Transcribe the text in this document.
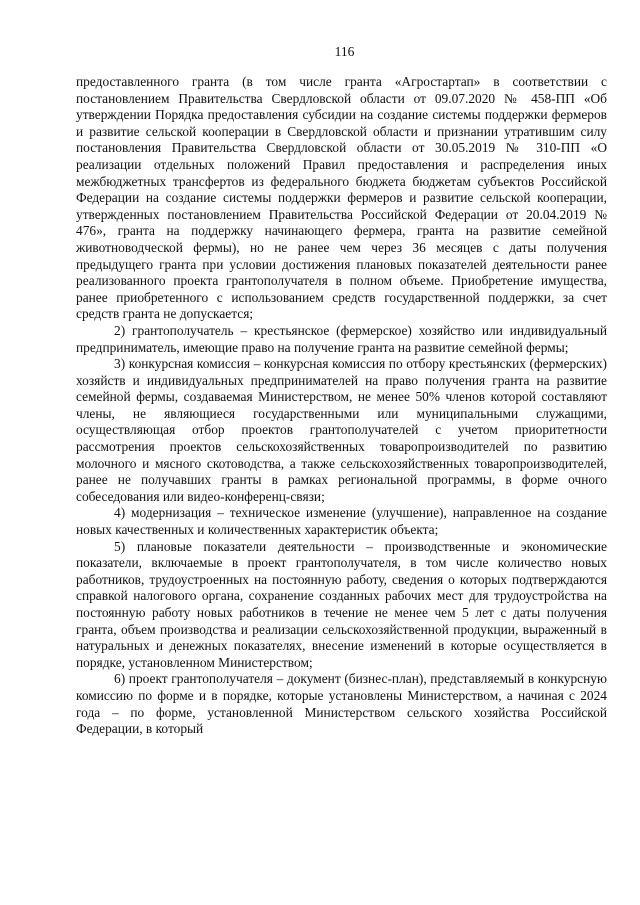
116

предоставленного гранта (в том числе гранта «Агростартап» в соответствии с постановлением Правительства Свердловской области от 09.07.2020 № 458-ПП «Об утверждении Порядка предоставления субсидии на создание системы поддержки фермеров и развитие сельской кооперации в Свердловской области и признании утратившим силу постановления Правительства Свердловской области от 30.05.2019 № 310-ПП «О реализации отдельных положений Правил предоставления и распределения иных межбюджетных трансфертов из федерального бюджета бюджетам субъектов Российской Федерации на создание системы поддержки фермеров и развитие сельской кооперации, утвержденных постановлением Правительства Российской Федерации от 20.04.2019 № 476», гранта на поддержку начинающего фермера, гранта на развитие семейной животноводческой фермы), но не ранее чем через 36 месяцев с даты получения предыдущего гранта при условии достижения плановых показателей деятельности ранее реализованного проекта грантополучателя в полном объеме. Приобретение имущества, ранее приобретенного с использованием средств государственной поддержки, за счет средств гранта не допускается;

2) грантополучатель – крестьянское (фермерское) хозяйство или индивидуальный предприниматель, имеющие право на получение гранта на развитие семейной фермы;

3) конкурсная комиссия – конкурсная комиссия по отбору крестьянских (фермерских) хозяйств и индивидуальных предпринимателей на право получения гранта на развитие семейной фермы, создаваемая Министерством, не менее 50% членов которой составляют члены, не являющиеся государственными или муниципальными служащими, осуществляющая отбор проектов грантополучателей с учетом приоритетности рассмотрения проектов сельскохозяйственных товаропроизводителей по развитию молочного и мясного скотоводства, а также сельскохозяйственных товаропроизводителей, ранее не получавших гранты в рамках региональной программы, в форме очного собеседования или видео-конференц-связи;

4) модернизация – техническое изменение (улучшение), направленное на создание новых качественных и количественных характеристик объекта;

5) плановые показатели деятельности – производственные и экономические показатели, включаемые в проект грантополучателя, в том числе количество новых работников, трудоустроенных на постоянную работу, сведения о которых подтверждаются справкой налогового органа, сохранение созданных рабочих мест для трудоустройства на постоянную работу новых работников в течение не менее чем 5 лет с даты получения гранта, объем производства и реализации сельскохозяйственной продукции, выраженный в натуральных и денежных показателях, внесение изменений в которые осуществляется в порядке, установленном Министерством;

6) проект грантополучателя – документ (бизнес-план), представляемый в конкурсную комиссию по форме и в порядке, которые установлены Министерством, а начиная с 2024 года – по форме, установленной Министерством сельского хозяйства Российской Федерации, в который
